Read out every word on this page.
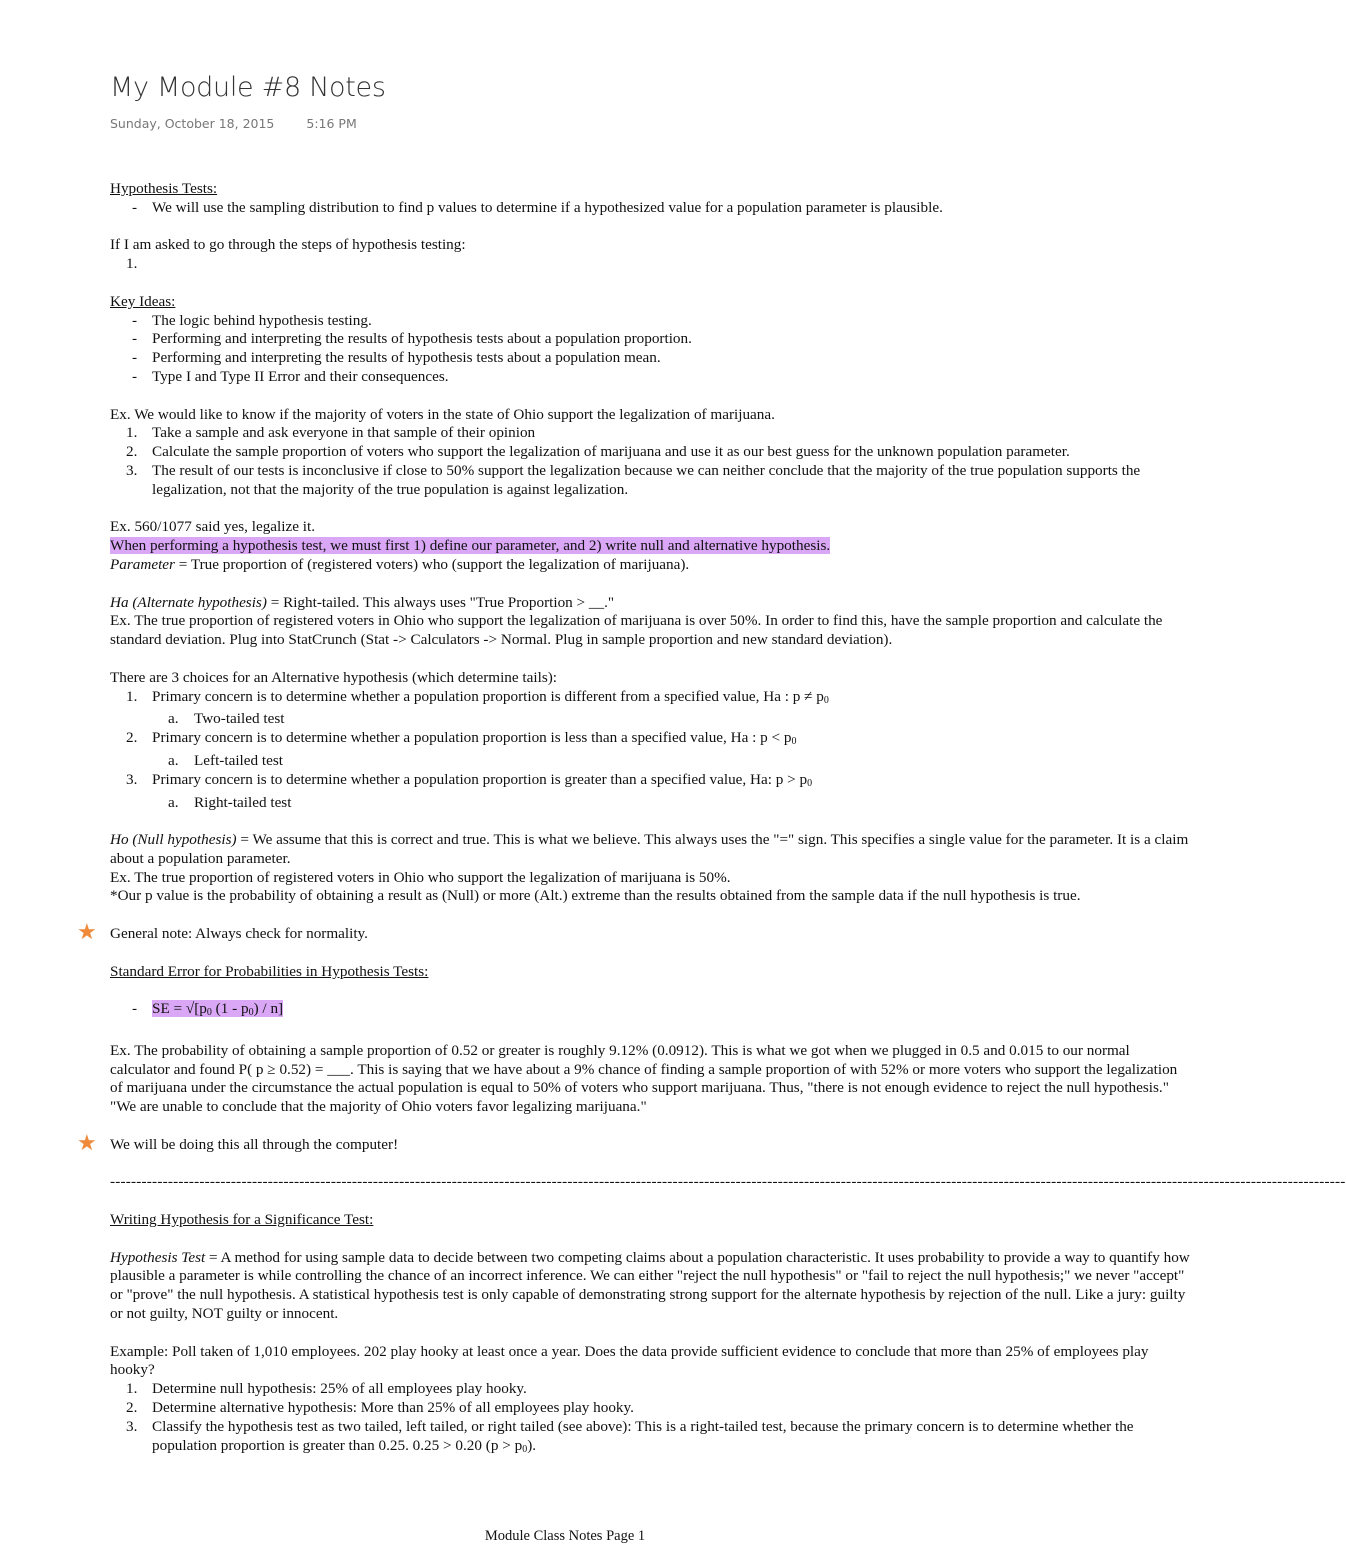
My Module #8 Notes
Sunday, October 18, 2015	5:16 PM

Hypothesis Tests:

- We will use the sampling distribution to find p values to determine if a hypothesized value for a population parameter is plausible.

If I am asked to go through the steps of hypothesis testing:

1.

Key Ideas:

- The logic behind hypothesis testing.
- Performing and interpreting the results of hypothesis tests about a population proportion.
- Performing and interpreting the results of hypothesis tests about a population mean.
- Type I and Type II Error and their consequences.

Ex. We would like to know if the majority of voters in the state of Ohio support the legalization of marijuana.

1. Take a sample and ask everyone in that sample of their opinion
2. Calculate the sample proportion of voters who support the legalization of marijuana and use it as our best guess for the unknown population parameter.
3. The result of our tests is inconclusive if close to 50% support the legalization because we can neither conclude that the majority of the true population supports the legalization, not that the majority of the true population is against legalization.

Ex. 560/1077 said yes, legalize it.

When performing a hypothesis test, we must first 1) define our parameter, and 2) write null and alternative hypothesis.

Parameter = True proportion of (registered voters) who (support the legalization of marijuana).

Ha (Alternate hypothesis) = Right-tailed. This always uses "True Proportion > __."

Ex. The true proportion of registered voters in Ohio who support the legalization of marijuana is over 50%. In order to find this, have the sample proportion and calculate the standard deviation. Plug into StatCrunch (Stat -> Calculators -> Normal. Plug in sample proportion and new standard deviation).

There are 3 choices for an Alternative hypothesis (which determine tails):

1. Primary concern is to determine whether a population proportion is different from a specified value, Ha : $p \ne p_0$
a. Two-tailed test
2. Primary concern is to determine whether a population proportion is less than a specified value, Ha : $p < p_0$
a. Left-tailed test
3. Primary concern is to determine whether a population proportion is greater than a specified value, Ha: $p > p_0$
a. Right-tailed test

Ho (Null hypothesis) = We assume that this is correct and true. This is what we believe. This always uses the "=" sign. This specifies a single value for the parameter. It is a claim about a population parameter.

Ex. The true proportion of registered voters in Ohio who support the legalization of marijuana is 50%.

*Our p value is the probability of obtaining a result as (Null) or more (Alt.) extreme than the results obtained from the sample data if the null hypothesis is true.

★ General note: Always check for normality.

Standard Error for Probabilities in Hypothesis Tests:

- SE = $√[p_0$ $(1 - p_0) / n$]

Ex. The probability of obtaining a sample proportion of 0.52 or greater is roughly 9.12% (0.0912). This is what we got when we plugged in 0.5 and 0.015 to our normal calculator and found P( p ≥ 0.52) = ___. This is saying that we have about a 9% chance of finding a sample proportion of with 52% or more voters who support the legalization of marijuana under the circumstance the actual population is equal to 50% of voters who support marijuana. Thus, "there is not enough evidence to reject the null hypothesis." "We are unable to conclude that the majority of Ohio voters favor legalizing marijuana."

★ We will be doing this all through the computer!

-------------------------------------------------------------------------------------------------------------------------------------------------------------------------------------------------------------------------------------------

Writing Hypothesis for a Significance Test:

Hypothesis Test = A method for using sample data to decide between two competing claims about a population characteristic. It uses probability to provide a way to quantify how plausible a parameter is while controlling the chance of an incorrect inference. We can either "reject the null hypothesis" or "fail to reject the null hypothesis;" we never "accept" or "prove" the null hypothesis. A statistical hypothesis test is only capable of demonstrating strong support for the alternate hypothesis by rejection of the null. Like a jury: guilty or not guilty, NOT guilty or innocent.

Example: Poll taken of 1,010 employees. 202 play hooky at least once a year. Does the data provide sufficient evidence to conclude that more than 25% of employees play hooky?

1. Determine null hypothesis: 25% of all employees play hooky.
2. Determine alternative hypothesis: More than 25% of all employees play hooky.
3. Classify the hypothesis test as two tailed, left tailed, or right tailed (see above): This is a right-tailed test, because the primary concern is to determine whether the population proportion is greater than 0.25. 0.25 > 0.20 $(p > p_0)$.
Module Class Notes Page 1
